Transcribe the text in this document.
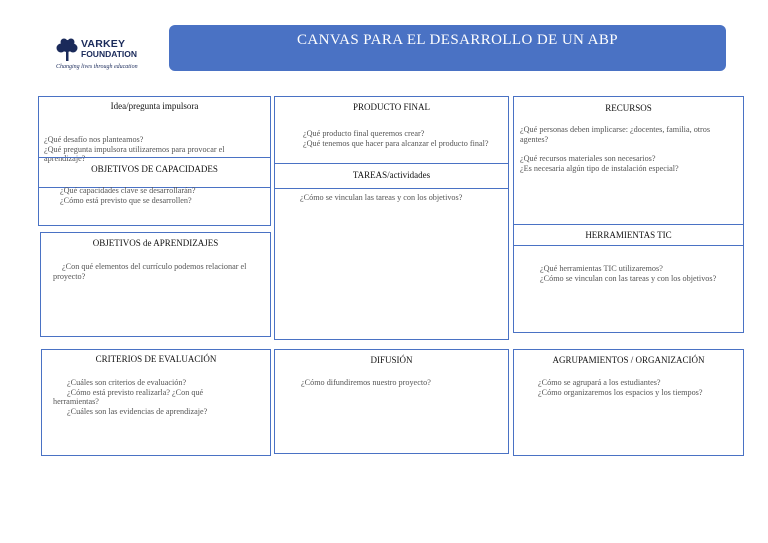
VARKEY
FOUNDATION
Changing lives through education
CANVAS PARA EL DESARROLLO DE UN ABP
Idea/pregunta impulsora
¿Qué desafío nos planteamos?
¿Qué pregunta impulsora utilizaremos para provocar el aprendizaje?
OBJETIVOS DE CAPACIDADES
¿Qué capacidades clave se desarrollarán?
¿Cómo está previsto que se desarrollen?
OBJETIVOS de APRENDIZAJES
¿Con qué elementos del currículo podemos relacionar el proyecto?
CRITERIOS DE EVALUACIÓN
¿Cuáles son criterios de evaluación?
¿Cómo está previsto realizarla? ¿Con qué herramientas?
¿Cuáles son las evidencias de aprendizaje?
PRODUCTO FINAL
¿Qué producto final queremos crear?
¿Qué tenemos que hacer para alcanzar el producto final?
TAREAS/actividades
¿Cómo se vinculan las tareas y con los objetivos?
DIFUSIÓN
¿Cómo difundiremos nuestro proyecto?
RECURSOS
¿Qué personas deben implicarse: ¿docentes, familia, otros agentes?
¿Qué recursos materiales son necesarios?
¿Es necesaria algún tipo de instalación especial?
HERRAMIENTAS TIC
¿Qué herramientas TIC utilizaremos?
¿Cómo se vinculan con las tareas y con los objetivos?
AGRUPAMIENTOS / ORGANIZACIÓN
¿Cómo se agrupará a los estudiantes?
¿Cómo organizaremos los espacios y los tiempos?
